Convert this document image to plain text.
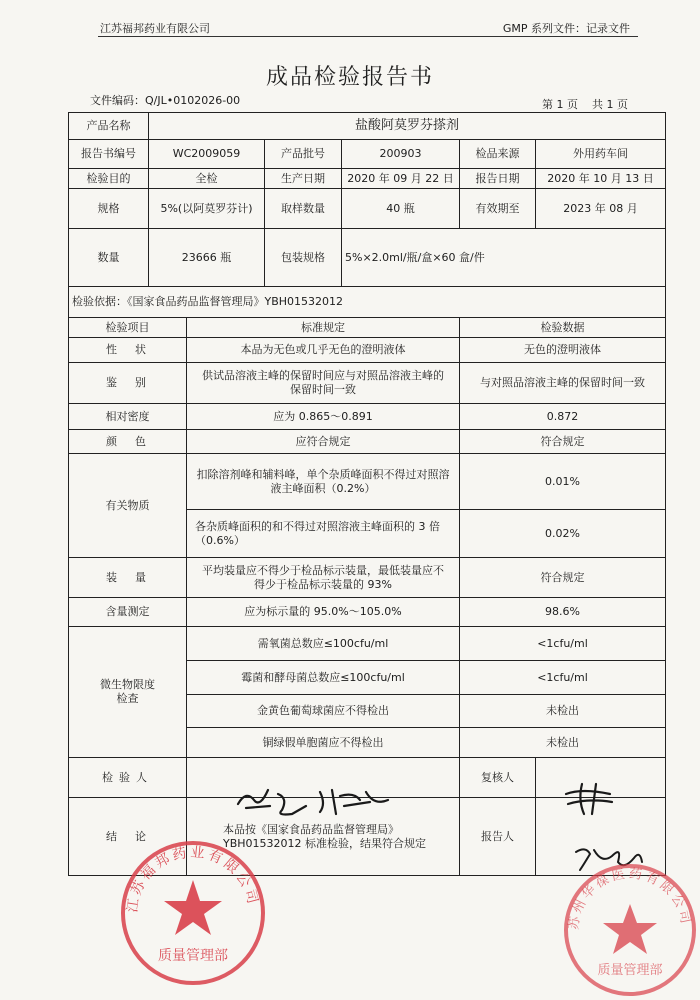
江苏福邦药业有限公司	GMP 系列文件：记录文件
成品检验报告书
文件编码：Q/JL•0102026-00	第 1 页 共 1 页
产品名称	盐酸阿莫罗芬搽剂					
报告书编号	WC2009059		产品批号	200903	检品来源	外用药车间
检验目的	全检		生产日期	2020 年 09 月 22 日	报告日期	2020 年 10 月 13 日
规格	5%(以阿莫罗芬计)		取样数量	40 瓶	有效期至	2023 年 08 月
数量	23666 瓶		包装规格	5%×2.0ml/瓶/盒×60 盒/件		
检验依据：《国家食品药品监督管理局》YBH01532012						
检验项目		标准规定			检验数据	
性状		本品为无色或几乎无色的澄明液体			无色的澄明液体	
鉴别		供试品溶液主峰的保留时间应与对照品溶液主峰的保留时间一致			与对照品溶液主峰的保留时间一致	
相对密度		应为 0.865～0.891			0.872	
颜色		应符合规定			符合规定	
有关物质		扣除溶剂峰和辅料峰，单个杂质峰面积不得过对照溶液主峰面积（0.2%）			0.01%	
		各杂质峰面积的和不得过对照溶液主峰面积的 3 倍（0.6%）			0.02%	
装量		平均装量应不得少于检品标示装量，最低装量应不得少于检品标示装量的 93%			符合规定	
含量测定		应为标示量的 95.0%～105.0%			98.6%	

微生物限度
检查		需氧菌总数应≤100cfu/ml			<1cfu/ml	
		霉菌和酵母菌总数应≤100cfu/ml			<1cfu/ml	
		金黄色葡萄球菌应不得检出			未检出	
		铜绿假单胞菌应不得检出			未检出	
检验人					复核人	
结论		本品按《国家食品药品监督管理局》YBH01532012 标准检验，结果符合规定			报告人	
江苏福邦药业有限公司
质量管理部
苏州华葆医药有限公司
质量管理部
